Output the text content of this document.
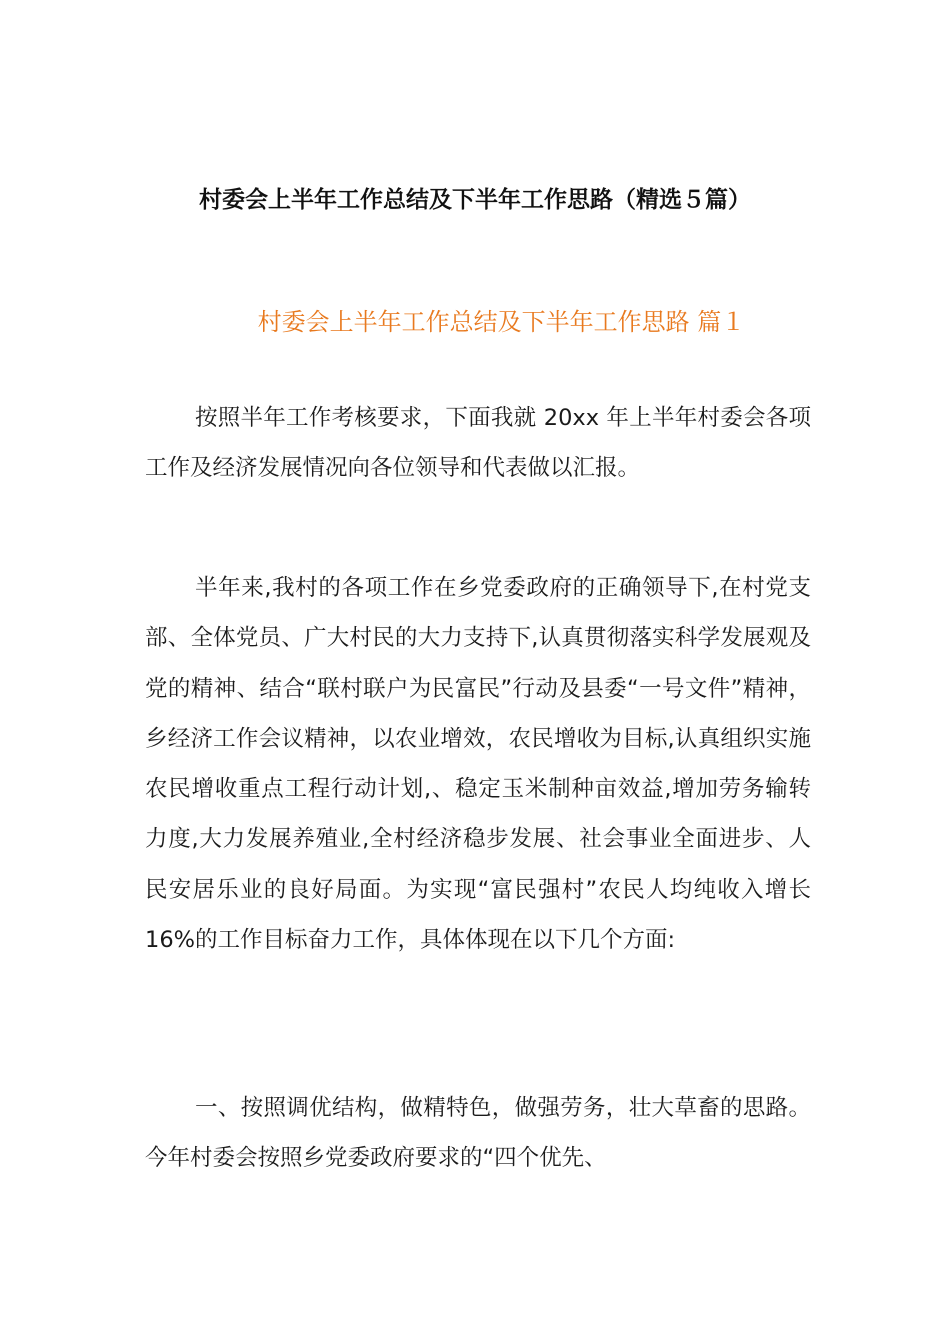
村委会上半年工作总结及下半年工作思路（精选５篇）
村委会上半年工作总结及下半年工作思路 篇１

按照半年工作考核要求，下面我就 20xx 年上半年村委会各项工作及经济发展情况向各位领导和代表做以汇报。

半年来,我村的各项工作在乡党委政府的正确领导下,在村党支部、全体党员、广大村民的大力支持下,认真贯彻落实科学发展观及党的精神、结合“联村联户为民富民”行动及县委“一号文件”精神，乡经济工作会议精神，以农业增效，农民增收为目标,认真组织实施农民增收重点工程行动计划,、稳定玉米制种亩效益,增加劳务输转力度,大力发展养殖业,全村经济稳步发展、社会事业全面进步、人民安居乐业的良好局面。为实现“富民强村”农民人均纯收入增长 16%的工作目标奋力工作，具体体现在以下几个方面:

一、按照调优结构，做精特色，做强劳务，壮大草畜的思路。今年村委会按照乡党委政府要求的“四个优先、
